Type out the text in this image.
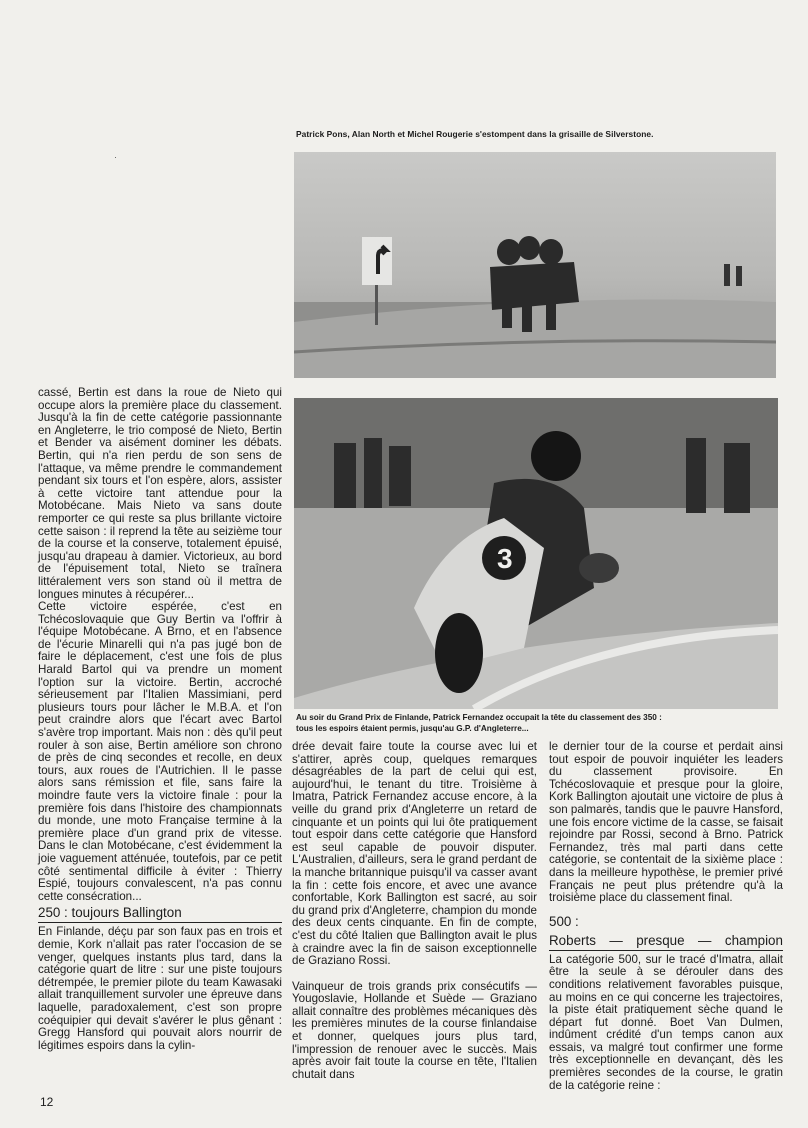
·
Patrick Pons, Alan North et Michel Rougerie s'estompent dans la grisaille de Silverstone.
3
Au soir du Grand Prix de Finlande, Patrick Fernandez occupait la tête du classement des 350 :
tous les espoirs étaient permis, jusqu'au G.P. d'Angleterre...

cassé, Bertin est dans la roue de Nieto qui occupe alors la première place du classement. Jusqu'à la fin de cette catégorie passionnante en Angleterre, le trio composé de Nieto, Bertin et Bender va aisément dominer les débats. Bertin, qui n'a rien perdu de son sens de l'attaque, va même prendre le commandement pendant six tours et l'on espère, alors, assister à cette victoire tant attendue pour la Motobécane. Mais Nieto va sans doute remporter ce qui reste sa plus brillante victoire cette saison : il reprend la tête au seizième tour de la course et la conserve, totalement épuisé, jusqu'au drapeau à damier. Victorieux, au bord de l'épuisement total, Nieto se traînera littéralement vers son stand où il mettra de longues minutes à récupérer...

Cette victoire espérée, c'est en Tchécoslovaquie que Guy Bertin va l'offrir à l'équipe Motobécane. A Brno, et en l'absence de l'écurie Minarelli qui n'a pas jugé bon de faire le déplacement, c'est une fois de plus Harald Bartol qui va prendre un moment l'option sur la victoire. Bertin, accroché sérieusement par l'Italien Massimiani, perd plusieurs tours pour lâcher le M.B.A. et l'on peut craindre alors que l'écart avec Bartol s'avère trop important. Mais non : dès qu'il peut rouler à son aise, Bertin améliore son chrono de près de cinq secondes et recolle, en deux tours, aux roues de l'Autrichien. Il le passe alors sans rémission et file, sans faire la moindre faute vers la victoire finale : pour la première fois dans l'histoire des championnats du monde, une moto Française termine à la première place d'un grand prix de vitesse. Dans le clan Motobécane, c'est évidemment la joie vaguement atténuée, toutefois, par ce petit côté sentimental difficile à éviter : Thierry Espié, toujours convalescent, n'a pas connu cette consécration...

250 : toujours Ballington

En Finlande, déçu par son faux pas en trois et demie, Kork n'allait pas rater l'occasion de se venger, quelques instants plus tard, dans la catégorie quart de litre : sur une piste toujours détrempée, le premier pilote du team Kawasaki allait tranquillement survoler une épreuve dans laquelle, paradoxalement, c'est son propre coéquipier qui devait s'avérer le plus gênant : Gregg Hansford qui pouvait alors nourrir de légitimes espoirs dans la cylin-

drée devait faire toute la course avec lui et s'attirer, après coup, quelques remarques désagréables de la part de celui qui est, aujourd'hui, le tenant du titre. Troisième à Imatra, Patrick Fernandez accuse encore, à la veille du grand prix d'Angleterre un retard de cinquante et un points qui lui ôte pratiquement tout espoir dans cette catégorie que Hansford est seul capable de pouvoir disputer. L'Australien, d'ailleurs, sera le grand perdant de la manche britannique puisqu'il va casser avant la fin : cette fois encore, et avec une avance confortable, Kork Ballington est sacré, au soir du grand prix d'Angleterre, champion du monde des deux cents cinquante. En fin de compte, c'est du côté Italien que Ballington avait le plus à craindre avec la fin de saison exceptionnelle de Graziano Rossi.

Vainqueur de trois grands prix consécutifs — Yougoslavie, Hollande et Suède — Graziano allait connaître des problèmes mécaniques dès les premières minutes de la course finlandaise et donner, quelques jours plus tard, l'impression de renouer avec le succès. Mais après avoir fait toute la course en tête, l'Italien chutait dans

le dernier tour de la course et perdait ainsi tout espoir de pouvoir inquiéter les leaders du classement provisoire. En Tchécoslovaquie et presque pour la gloire, Kork Ballington ajoutait une victoire de plus à son palmarès, tandis que le pauvre Hansford, une fois encore victime de la casse, se faisait rejoindre par Rossi, second à Brno. Patrick Fernandez, très mal parti dans cette catégorie, se contentait de la sixième place : dans la meilleure hypothèse, le premier privé Français ne peut plus prétendre qu'à la troisième place du classement final.

500 :
Roberts — presque — champion

La catégorie 500, sur le tracé d'Imatra, allait être la seule à se dérouler dans des conditions relativement favorables puisque, au moins en ce qui concerne les trajectoires, la piste était pratiquement sèche quand le départ fut donné. Boet Van Dulmen, indûment crédité d'un temps canon aux essais, va malgré tout confirmer une forme très exceptionnelle en devançant, dès les premières secondes de la course, le gratin de la catégorie reine :

12
